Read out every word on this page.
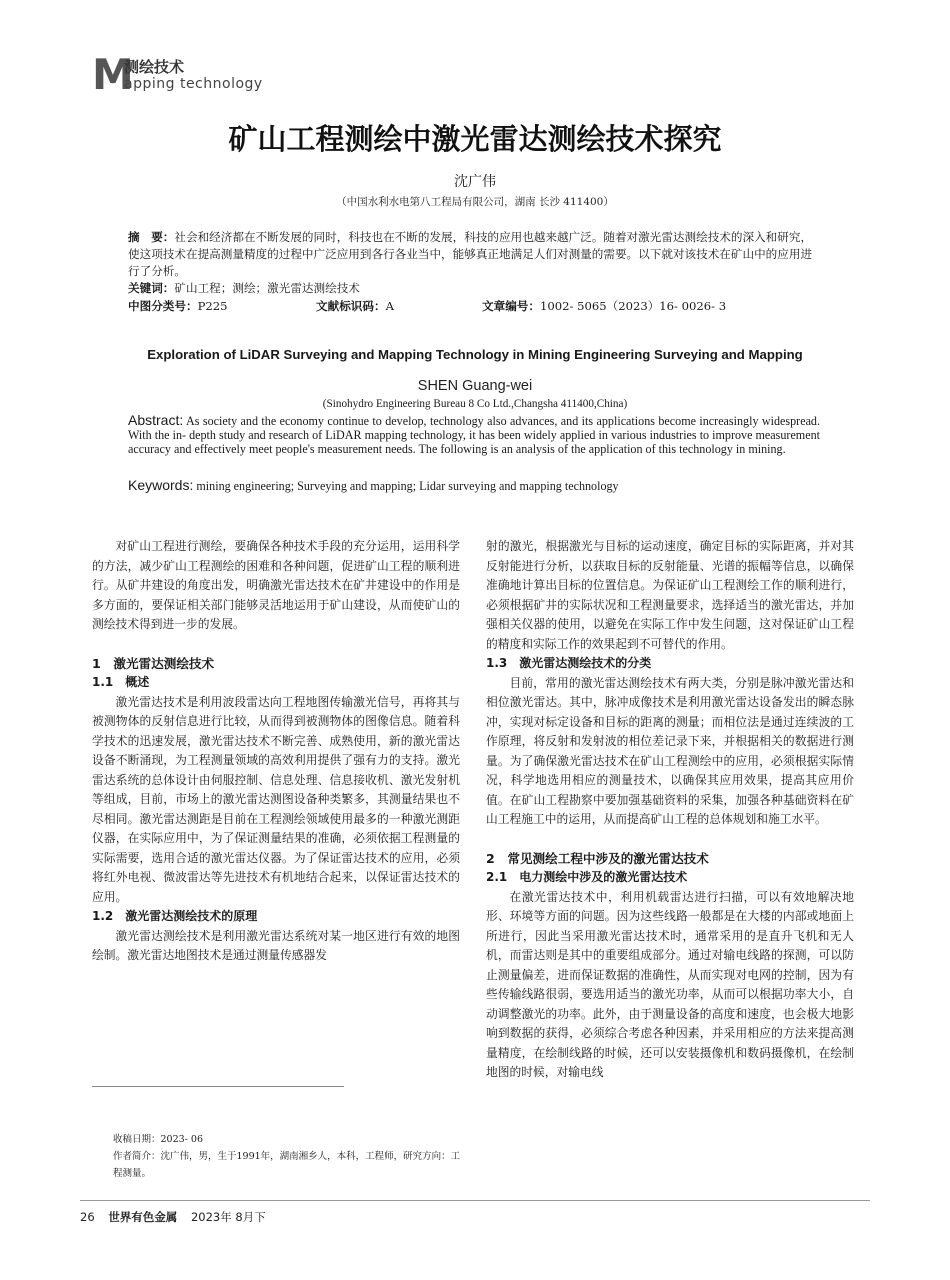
M
测绘技术
apping technology
矿山工程测绘中激光雷达测绘技术探究
沈广伟
（中国水利水电第八工程局有限公司，湖南 长沙 411400）
摘　要：社会和经济都在不断发展的同时，科技也在不断的发展，科技的应用也越来越广泛。随着对激光雷达测绘技术的深入和研究，使这项技术在提高测量精度的过程中广泛应用到各行各业当中，能够真正地满足人们对测量的需要。以下就对该技术在矿山中的应用进行了分析。
关键词：矿山工程；测绘；激光雷达测绘技术
中图分类号：P225	文献标识码：A	文章编号：1002- 5065（2023）16- 0026- 3
Exploration of LiDAR Surveying and Mapping Technology in Mining Engineering Surveying and Mapping
SHEN Guang-wei
(Sinohydro Engineering Bureau 8 Co Ltd.,Changsha 411400,China)
Abstract: As society and the economy continue to develop, technology also advances, and its applications become increasingly widespread. With the in- depth study and research of LiDAR mapping technology, it has been widely applied in various industries to improve measurement accuracy and effectively meet people's measurement needs. The following is an analysis of the application of this technology in mining.
Keywords: mining engineering; Surveying and mapping; Lidar surveying and mapping technology

对矿山工程进行测绘，要确保各种技术手段的充分运用，运用科学的方法，减少矿山工程测绘的困难和各种问题，促进矿山工程的顺利进行。从矿井建设的角度出发，明确激光雷达技术在矿井建设中的作用是多方面的，要保证相关部门能够灵活地运用于矿山建设，从而使矿山的测绘技术得到进一步的发展。

1　激光雷达测绘技术

1.1　概述

激光雷达技术是利用波段雷达向工程地图传输激光信号，再将其与被测物体的反射信息进行比较，从而得到被测物体的图像信息。随着科学技术的迅速发展，激光雷达技术不断完善、成熟使用，新的激光雷达设备不断涌现，为工程测量领域的高效利用提供了强有力的支持。激光雷达系统的总体设计由伺服控制、信息处理、信息接收机、激光发射机等组成，目前，市场上的激光雷达测图设备种类繁多，其测量结果也不尽相同。激光雷达测距是目前在工程测绘领域使用最多的一种激光测距仪器，在实际应用中，为了保证测量结果的准确，必须依据工程测量的实际需要，选用合适的激光雷达仪器。为了保证雷达技术的应用，必须将红外电视、微波雷达等先进技术有机地结合起来，以保证雷达技术的应用。

1.2　激光雷达测绘技术的原理

激光雷达测绘技术是利用激光雷达系统对某一地区进行有效的地图绘制。激光雷达地图技术是通过测量传感器发

射的激光，根据激光与目标的运动速度，确定目标的实际距离，并对其反射能进行分析，以获取目标的反射能量、光谱的振幅等信息，以确保准确地计算出目标的位置信息。为保证矿山工程测绘工作的顺利进行，必须根据矿井的实际状况和工程测量要求，选择适当的激光雷达，并加强相关仪器的使用，以避免在实际工作中发生问题，这对保证矿山工程的精度和实际工作的效果起到不可替代的作用。

1.3　激光雷达测绘技术的分类

目前，常用的激光雷达测绘技术有两大类，分别是脉冲激光雷达和相位激光雷达。其中，脉冲成像技术是利用激光雷达设备发出的瞬态脉冲，实现对标定设备和目标的距离的测量；而相位法是通过连续波的工作原理，将反射和发射波的相位差记录下来，并根据相关的数据进行测量。为了确保激光雷达技术在矿山工程测绘中的应用，必须根据实际情况，科学地选用相应的测量技术，以确保其应用效果，提高其应用价值。在矿山工程勘察中要加强基础资料的采集，加强各种基础资料在矿山工程施工中的运用，从而提高矿山工程的总体规划和施工水平。

2　常见测绘工程中涉及的激光雷达技术

2.1　电力测绘中涉及的激光雷达技术

在激光雷达技术中，利用机载雷达进行扫描，可以有效地解决地形、环境等方面的问题。因为这些线路一般都是在大楼的内部或地面上所进行，因此当采用激光雷达技术时，通常采用的是直升飞机和无人机，而雷达则是其中的重要组成部分。通过对输电线路的探测，可以防止测量偏差，进而保证数据的准确性，从而实现对电网的控制，因为有些传输线路很弱，要选用适当的激光功率，从而可以根据功率大小，自动调整激光的功率。此外，由于测量设备的高度和速度，也会极大地影响到数据的获得，必须综合考虑各种因素，并采用相应的方法来提高测量精度，在绘制线路的时候，还可以安装摄像机和数码摄像机，在绘制地图的时候，对输电线

收稿日期：2023- 06

作者简介：沈广伟，男，生于1991年，湖南湘乡人，本科，工程师，研究方向：工程测量。

26 世界有色金属 2023年 8月下
